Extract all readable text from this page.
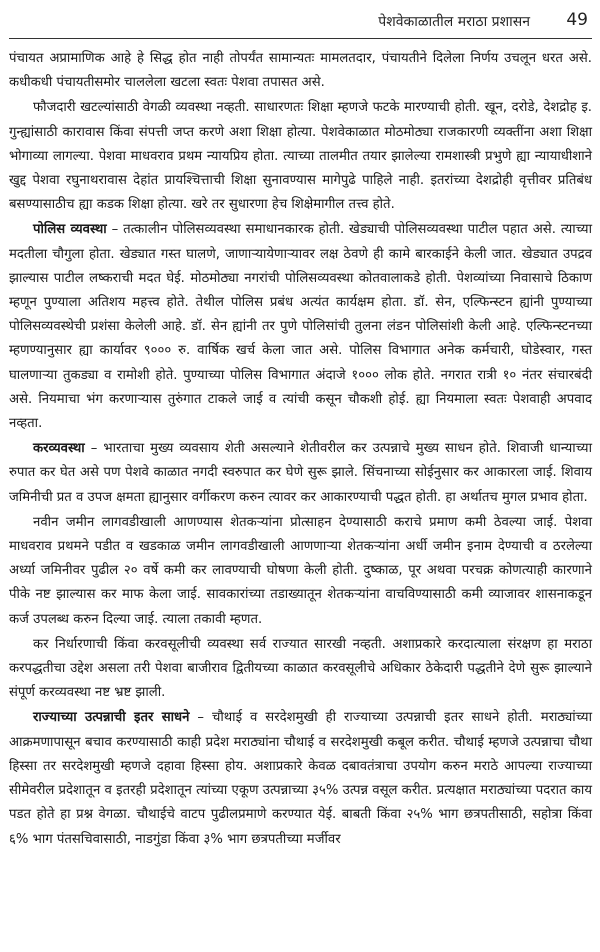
पेशवेकाळातील मराठा प्रशासन 49

पंचायत अप्रामाणिक आहे हे सिद्ध होत नाही तोपर्यंत सामान्यतः मामलतदार, पंचायतीने दिलेला निर्णय उचलून धरत असे. कधीकधी पंचायतीसमोर चाललेला खटला स्वतः पेशवा तपासत असे.

फौजदारी खटल्यांसाठी वेगळी व्यवस्था नव्हती. साधारणतः शिक्षा म्हणजे फटके मारण्याची होती. खून, दरोडे, देशद्रोह इ. गुन्ह्यांसाठी कारावास किंवा संपत्ती जप्त करणे अशा शिक्षा होत्या. पेशवेकाळात मोठमोठ्या राजकारणी व्यक्तींना अशा शिक्षा भोगाव्या लागल्या. पेशवा माधवराव प्रथम न्यायप्रिय होता. त्याच्या तालमीत तयार झालेल्या रामशास्त्री प्रभुणे ह्या न्यायाधीशाने खुद्द पेशवा रघुनाथरावास देहांत प्रायश्चित्ताची शिक्षा सुनावण्यास मागेपुढे पाहिले नाही. इतरांच्या देशद्रोही वृत्तीवर प्रतिबंध बसण्यासाठीच ह्या कडक शिक्षा होत्या. खरे तर सुधारणा हेच शिक्षेमागील तत्त्व होते.

पोलिस व्यवस्था – तत्कालीन पोलिसव्यवस्था समाधानकारक होती. खेड्याची पोलिसव्यवस्था पाटील पहात असे. त्याच्या मदतीला चौगुला होता. खेड्यात गस्त घालणे, जाणाऱ्यायेणाऱ्यावर लक्ष ठेवणे ही कामे बारकाईने केली जात. खेड्यात उपद्रव झाल्यास पाटील लष्कराची मदत घेई. मोठमोठ्या नगरांची पोलिसव्यवस्था कोतवालाकडे होती. पेशव्यांच्या निवासाचे ठिकाण म्हणून पुण्याला अतिशय महत्त्व होते. तेथील पोलिस प्रबंध अत्यंत कार्यक्षम होता. डॉ. सेन, एल्फिन्स्टन ह्यांनी पुण्याच्या पोलिसव्यवस्थेची प्रशंसा केलेली आहे. डॉ. सेन ह्यांनी तर पुणे पोलिसांची तुलना लंडन पोलिसांशी केली आहे. एल्फिन्स्टनच्या म्हणण्यानुसार ह्या कार्यावर ९००० रु. वार्षिक खर्च केला जात असे. पोलिस विभागात अनेक कर्मचारी, घोडेस्वार, गस्त घालणाऱ्या तुकड्या व रामोशी होते. पुण्याच्या पोलिस विभागात अंदाजे १००० लोक होते. नगरात रात्री १० नंतर संचारबंदी असे. नियमाचा भंग करणाऱ्यास तुरुंगात टाकले जाई व त्यांची कसून चौकशी होई. ह्या नियमाला स्वतः पेशवाही अपवाद नव्हता.

करव्यवस्था – भारताचा मुख्य व्यवसाय शेती असल्याने शेतीवरील कर उत्पन्नाचे मुख्य साधन होते. शिवाजी धान्याच्या रुपात कर घेत असे पण पेशवे काळात नगदी स्वरुपात कर घेणे सुरू झाले. सिंचनाच्या सोईनुसार कर आकारला जाई. शिवाय जमिनीची प्रत व उपज क्षमता ह्यानुसार वर्गीकरण करुन त्यावर कर आकारण्याची पद्धत होती. हा अर्थातच मुगल प्रभाव होता.

नवीन जमीन लागवडीखाली आणण्यास शेतकऱ्यांना प्रोत्साहन देण्यासाठी कराचे प्रमाण कमी ठेवल्या जाई. पेशवा माधवराव प्रथमने पडीत व खडकाळ जमीन लागवडीखाली आणणाऱ्या शेतकऱ्यांना अर्धी जमीन इनाम देण्याची व ठरलेल्या अर्ध्या जमिनीवर पुढील २० वर्षे कमी कर लावण्याची घोषणा केली होती. दुष्काळ, पूर अथवा परचक्र कोणत्याही कारणाने पीके नष्ट झाल्यास कर माफ केला जाई. सावकारांच्या तडाख्यातून शेतकऱ्यांना वाचविण्यासाठी कमी व्याजावर शासनाकडून कर्ज उपलब्ध करुन दिल्या जाई. त्याला तकावी म्हणत.

कर निर्धारणाची किंवा करवसूलीची व्यवस्था सर्व राज्यात सारखी नव्हती. अशाप्रकारे करदात्याला संरक्षण हा मराठा करपद्धतीचा उद्देश असला तरी पेशवा बाजीराव द्वितीयच्या काळात करवसूलीचे अधिकार ठेकेदारी पद्धतीने देणे सुरू झाल्याने संपूर्ण करव्यवस्था नष्ट भ्रष्ट झाली.

राज्याच्या उत्पन्नाची इतर साधने – चौथाई व सरदेशमुखी ही राज्याच्या उत्पन्नाची इतर साधने होती. मराठ्यांच्या आक्रमणापासून बचाव करण्यासाठी काही प्रदेश मराठ्यांना चौथाई व सरदेशमुखी कबूल करीत. चौथाई म्हणजे उत्पन्नाचा चौथा हिस्सा तर सरदेशमुखी म्हणजे दहावा हिस्सा होय. अशाप्रकारे केवळ दबावतंत्राचा उपयोग करुन मराठे आपल्या राज्याच्या सीमेवरील प्रदेशातून व इतरही प्रदेशातून त्यांच्या एकूण उत्पन्नाच्या ३५% उत्पन्न वसूल करीत. प्रत्यक्षात मराठ्यांच्या पदरात काय पडत होते हा प्रश्न वेगळा. चौथाईचे वाटप पुढीलप्रमाणे करण्यात येई. बाबती किंवा २५% भाग छत्रपतीसाठी, सहोत्रा किंवा ६% भाग पंतसचिवासाठी, नाडगुंडा किंवा ३% भाग छत्रपतीच्या मर्जीवर
